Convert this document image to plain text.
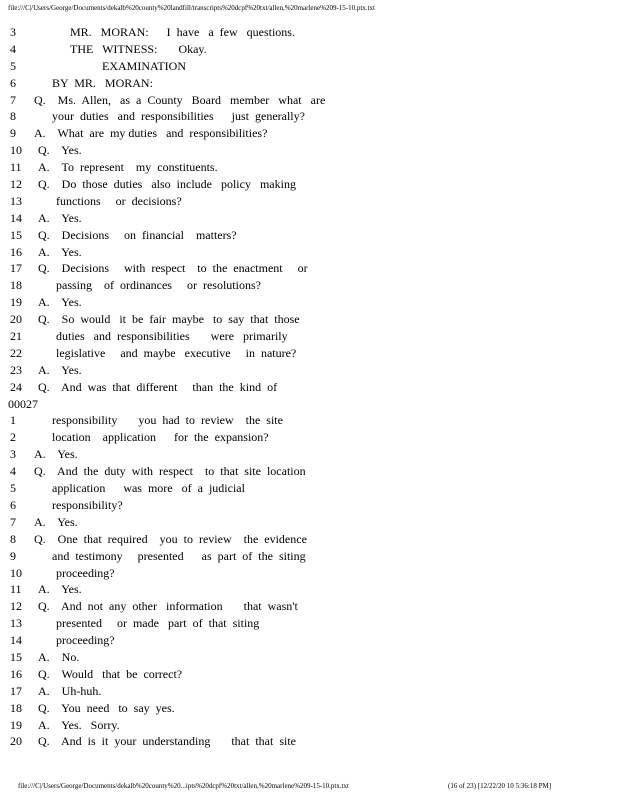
file:///C|/Users/George/Documents/dekalb%20county%20landfill/transcripts%20dcpf%20txt/allen,%20marlene%209-15-10.ptx.txt
3	MR.   MORAN:      I  have   a  few   questions.
4	THE   WITNESS:       Okay.
5	EXAMINATION
6	BY  MR.   MORAN:
7	Q.    Ms.  Allen,   as  a  County   Board   member   what   are
8	your  duties   and  responsibilities      just  generally?
9	A.    What  are  my duties   and  responsibilities?
10	Q.    Yes.
11	A.    To  represent    my  constituents.
12	Q.    Do  those  duties   also  include   policy   making
13	functions     or  decisions?
14	A.    Yes.
15	Q.    Decisions     on  financial    matters?
16	A.    Yes.
17	Q.    Decisions     with  respect    to  the  enactment     or
18	passing    of  ordinances     or  resolutions?
19	A.    Yes.
20	Q.    So  would   it  be  fair  maybe   to  say  that  those
21	duties   and  responsibilities       were   primarily
22	legislative     and  maybe   executive     in  nature?
23	A.    Yes.
24	Q.    And  was  that  different     than  the  kind  of
00027
1	responsibility       you  had  to  review    the  site
2	location    application      for  the  expansion?
3	A.    Yes.
4	Q.    And  the  duty  with  respect    to  that  site  location
5	application      was  more   of  a  judicial
6	responsibility?
7	A.    Yes.
8	Q.    One  that  required    you  to  review    the  evidence
9	and  testimony     presented      as  part  of  the  siting
10	proceeding?
11	A.    Yes.
12	Q.    And  not  any  other   information       that  wasn't
13	presented     or  made   part  of  that  siting
14	proceeding?
15	A.    No.
16	Q.    Would   that  be  correct?
17	A.    Uh-huh.
18	Q.    You  need   to  say  yes.
19	A.    Yes.   Sorry.
20	Q.    And  is  it  your  understanding       that  that  site
file:///C|/Users/George/Documents/dekalb%20county%20...ipts%20dcpf%20txt/allen,%20marlene%209-15-10.ptx.txt	(16 of 23) [12/22/20 10 5:36:18 PM]
